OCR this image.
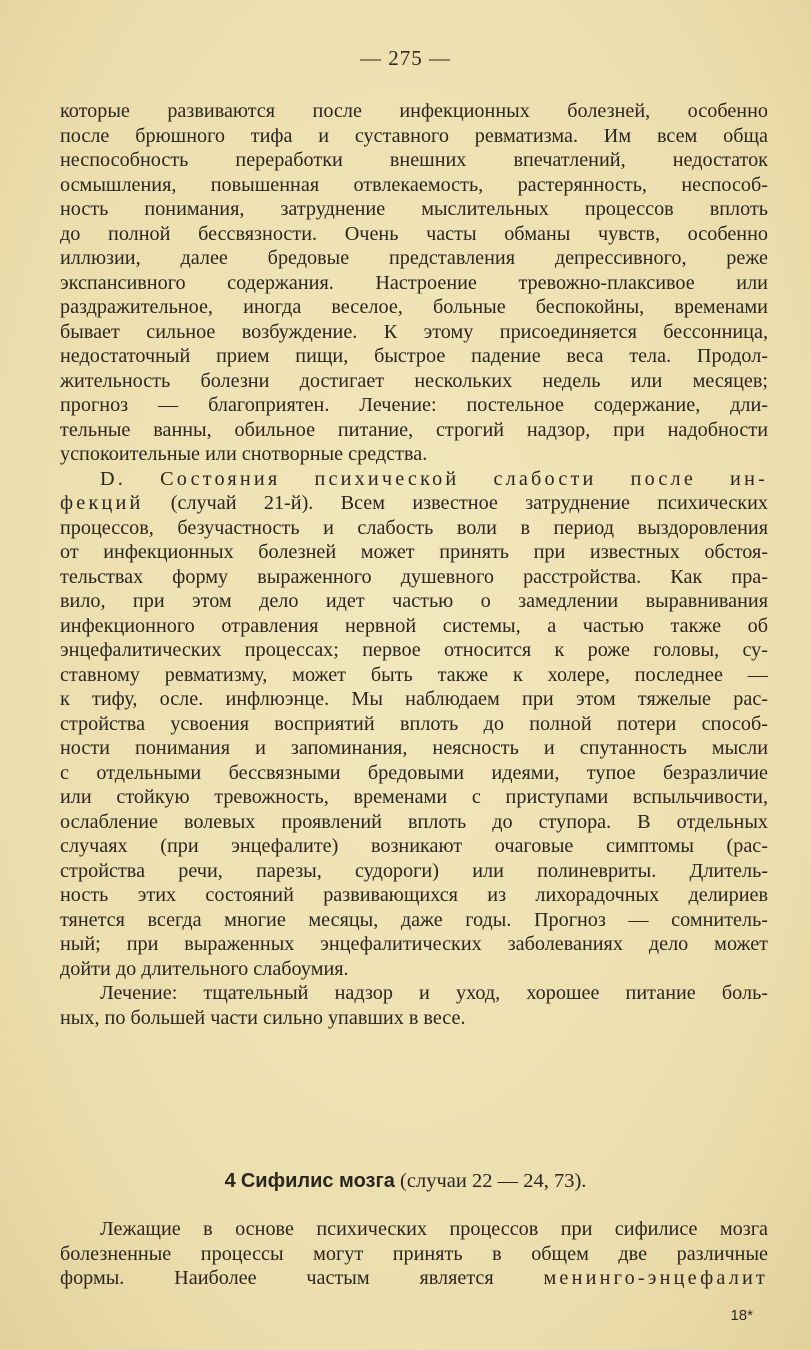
— 275 —
которые развиваются после инфекционных болезней, особенно
после брюшного тифа и суставного ревматизма. Им всем обща
неспособность переработки внешних впечатлений, недостаток
осмышления, повышенная отвлекаемость, растерянность, неспособ-
ность понимания, затруднение мыслительных процессов вплоть
до полной бессвязности. Очень часты обманы чувств, особенно
иллюзии, далее бредовые представления депрессивного, реже
экспансивного содержания. Настроение тревожно-плаксивое или
раздражительное, иногда веселое, больные беспокойны, временами
бывает сильное возбуждение. К этому присоединяется бессонница,
недостаточный прием пищи, быстрое падение веса тела. Продол-
жительность болезни достигает нескольких недель или месяцев;
прогноз — благоприятен. Лечение: постельное содержание, дли-
тельные ванны, обильное питание, строгий надзор, при надобности
успокоительные или снотворные средства.
D. Состояния психической слабости после ин-
фекций (случай 21-й). Всем известное затруднение психических
процессов, безучастность и слабость воли в период выздоровления
от инфекционных болезней может принять при известных обстоя-
тельствах форму выраженного душевного расстройства. Как пра-
вило, при этом дело идет частью о замедлении выравнивания
инфекционного отравления нервной системы, а частью также об
энцефалитических процессах; первое относится к роже головы, су-
ставному ревматизму, может быть также к холере, последнее —
к тифу, осле. инфлюэнце. Мы наблюдаем при этом тяжелые рас-
стройства усвоения восприятий вплоть до полной потери способ-
ности понимания и запоминания, неясность и спутанность мысли
с отдельными бессвязными бредовыми идеями, тупое безразличие
или стойкую тревожность, временами с приступами вспыльчивости,
ослабление волевых проявлений вплоть до ступора. В отдельных
случаях (при энцефалите) возникают очаговые симптомы (рас-
стройства речи, парезы, судороги) или полиневриты. Длитель-
ность этих состояний развивающихся из лихорадочных делириев
тянется всегда многие месяцы, даже годы. Прогноз — сомнитель-
ный; при выраженных энцефалитических заболеваниях дело может
дойти до длительного слабоумия.
Лечение: тщательный надзор и уход, хорошее питание боль-
ных, по большей части сильно упавших в весе.
4 Сифилис мозга (случаи 22 — 24, 73).
Лежащие в основе психических процессов при сифилисе мозга
болезненные процессы могут принять в общем две различные
формы. Наиболее частым является менинго-энцефалит
18*
